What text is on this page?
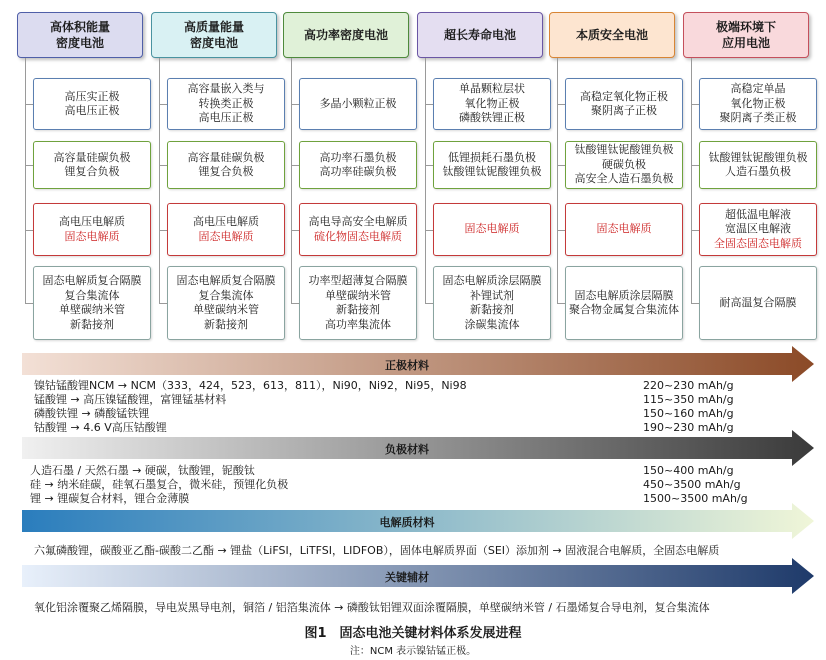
高体积能量
密度电池
高压实正极
高电压正极
高容量硅碳负极
锂复合负极
高电压电解质
固态电解质
固态电解质复合隔膜
复合集流体
单壁碳纳米管
新黏接剂
高质量能量
密度电池
高容量嵌入类与
转换类正极
高电压正极
高容量硅碳负极
锂复合负极
高电压电解质
固态电解质
固态电解质复合隔膜
复合集流体
单壁碳纳米管
新黏接剂
高功率密度电池
多晶小颗粒正极
高功率石墨负极
高功率硅碳负极
高电导高安全电解质
硫化物固态电解质
功率型超薄复合隔膜
单壁碳纳米管
新黏接剂
高功率集流体
超长寿命电池
单晶颗粒层状
氧化物正极
磷酸铁锂正极
低锂损耗石墨负极
钛酸锂钛铌酸锂负极
固态电解质
固态电解质涂层隔膜
补锂试剂
新黏接剂
涂碳集流体
本质安全电池
高稳定氧化物正极
聚阴离子正极
钛酸锂钛铌酸锂负极
硬碳负极
高安全人造石墨负极
固态电解质
固态电解质涂层隔膜
聚合物金属复合集流体
极端环境下
应用电池
高稳定单晶
氧化物正极
聚阴离子类正极
钛酸锂钛铌酸锂负极
人造石墨负极
超低温电解液
宽温区电解液
全固态固态电解质
耐高温复合隔膜
正极材料
负极材料
电解质材料
关键辅材
镍钴锰酸锂NCM → NCM（333，424，523，613，811），Ni90，Ni92，Ni95，Ni98	220~230 mAh/g
锰酸锂 → 高压镍锰酸锂，富锂锰基材料	115~350 mAh/g
磷酸铁锂 → 磷酸锰铁锂	150~160 mAh/g
钴酸锂 → 4.6 V高压钴酸锂	190~230 mAh/g
人造石墨 / 天然石墨 → 硬碳，钛酸锂，铌酸钛	150~400 mAh/g
硅 → 纳米硅碳，硅氧石墨复合，微米硅，预锂化负极	450~3500 mAh/g
锂 → 锂碳复合材料，锂合金薄膜	1500~3500 mAh/g
六氟磷酸锂，碳酸亚乙酯-碳酸二乙酯 → 锂盐（LiFSI，LiTFSI，LIDFOB），固体电解质界面（SEI）添加剂 → 固液混合电解质，全固态电解质
氧化铝涂覆聚乙烯隔膜，导电炭黑导电剂，铜箔 / 铝箔集流体 → 磷酸钛铝锂双面涂覆隔膜，单壁碳纳米管 / 石墨烯复合导电剂，复合集流体
图1　固态电池关键材料体系发展进程
注：NCM 表示镍钴锰正极。
